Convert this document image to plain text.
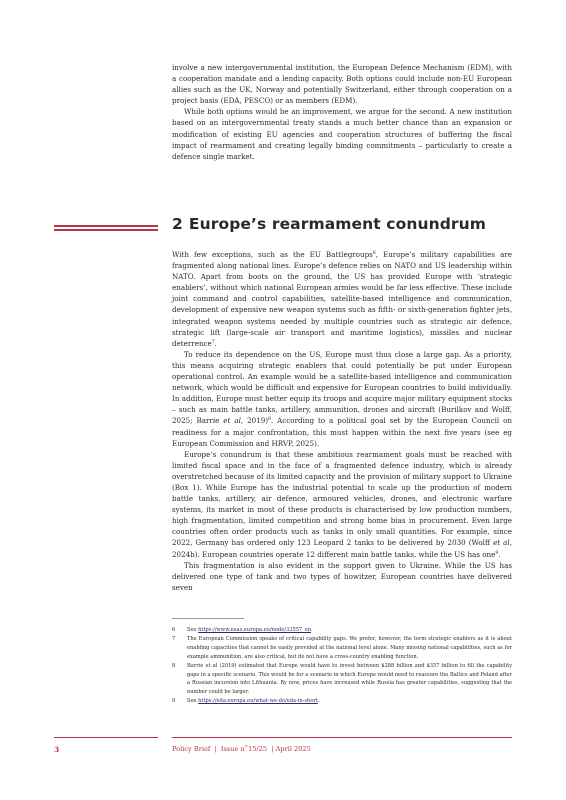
involve a new intergovernmental institution, the European Defence Mechanism (EDM), with a cooperation mandate and a lending capacity. Both options could include non-EU European allies such as the UK, Norway and potentially Switzerland, either through cooperation on a project basis (EDA, PESCO) or as members (EDM).

While both options would be an improvement, we argue for the second. A new institution based on an intergovernmental treaty stands a much better chance than an expansion or modification of existing EU agencies and cooperation structures of buffering the fiscal impact of rearmament and creating legally binding commitments – particularly to create a defence single market.

2 Europe’s rearmament conundrum

With few exceptions, such as the EU Battlegroups$^6$, Europe’s military capabilities are fragmented along national lines. Europe’s defence relies on NATO and US leadership within NATO. Apart from boots on the ground, the US has provided Europe with ‘strategic enablers’, without which national European armies would be far less effective. These include joint command and control capabilities, satellite-based intelligence and communication, development of expensive new weapon systems such as fifth- or sixth-generation fighter jets, integrated weapon systems needed by multiple countries such as strategic air defence, strategic lift (large-scale air transport and maritime logistics), missiles and nuclear deterrence$^7$.

To reduce its dependence on the US, Europe must thus close a large gap. As a priority, this means acquiring strategic enablers that could potentially be put under European operational control. An example would be a satellite-based intelligence and communication network, which would be difficult and expensive for European countries to build individually. In addition, Europe must better equip its troops and acquire major military equipment stocks – such as main battle tanks, artillery, ammunition, drones and aircraft (Burilkov and Wolff, 2025; Barrie et al, 2019)$^8$. According to a political goal set by the European Council on readiness for a major confrontation, this must happen within the next five years (see eg European Commission and HRVP, 2025).

Europe’s conundrum is that these ambitious rearmament goals must be reached with limited fiscal space and in the face of a fragmented defence industry, which is already overstretched because of its limited capacity and the provision of military support to Ukraine (Box 1). While Europe has the industrial potential to scale up the production of modern battle tanks, artillery, air defence, armoured vehicles, drones, and electronic warfare systems, its market in most of these products is characterised by low production numbers, high fragmentation, limited competition and strong home bias in procurement. Even large countries often order products such as tanks in only small quantities. For example, since 2022, Germany has ordered only 123 Leopard 2 tanks to be delivered by 2030 (Wolff et al, 2024b). European countries operate 12 different main battle tanks, while the US has one$^9$.

This fragmentation is also evident in the support given to Ukraine. While the US has delivered one type of tank and two types of howitzer, European countries have delivered seven

6	See https://www.eeas.europa.eu/node/33557_en.
7	The European Commission speaks of critical capability gaps. We prefer, however, the term strategic enablers as it is about enabling capacities that cannot be easily provided at the national level alone. Many missing national capabilities, such as for example ammunition, are also critical, but do not have a cross-country enabling function.
8	Barrie et al (2019) estimated that Europe would have to invest between $288 billion and $357 billion to fill the capability gaps in a specific scenario. This would be for a scenario in which Europe would need to reassure the Baltics and Poland after a Russian incursion into Lithuania. By now, prices have increased while Russia has greater capabilities, suggesting that the number could be larger.
9	See https://eda.europa.eu/what-we-do/eda-in-short.
3	Policy Brief  |  Issue n˚15/25  | April 2025
